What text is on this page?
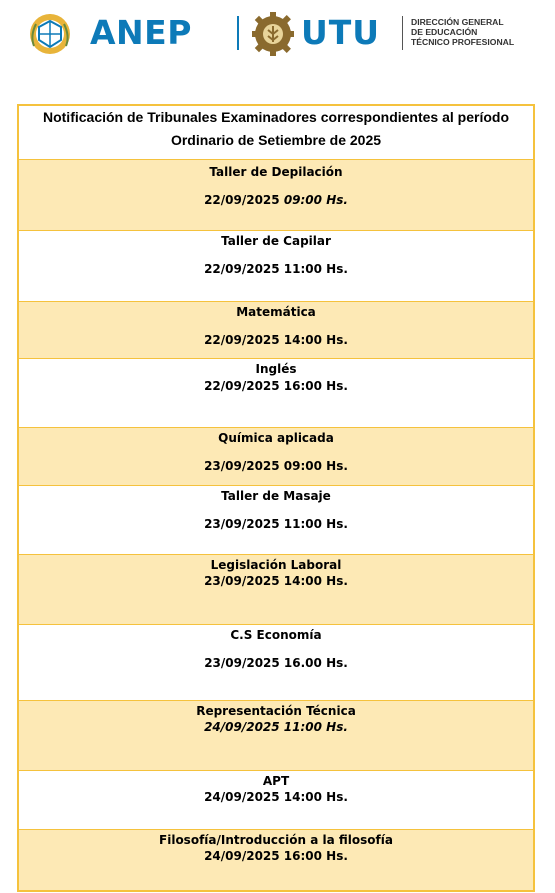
ANEP	UTU	DIRECCIÓN GENERAL
DE EDUCACIÓN
TÉCNICO PROFESIONAL
Notificación de Tribunales Examinadores correspondientes al período
Ordinario de Setiembre de 2025
Taller de Depilación
22/09/2025 09:00 Hs.
Taller de Capilar
22/09/2025 11:00 Hs.
Matemática
22/09/2025 14:00 Hs.
Inglés
22/09/2025 16:00 Hs.
Química aplicada
23/09/2025 09:00 Hs.
Taller de Masaje
23/09/2025 11:00 Hs.
Legislación Laboral
23/09/2025 14:00 Hs.
C.S Economía
23/09/2025 16.00 Hs.
Representación Técnica
24/09/2025 11:00 Hs.
APT
24/09/2025 14:00 Hs.
Filosofía/Introducción a la filosofía
24/09/2025 16:00 Hs.
